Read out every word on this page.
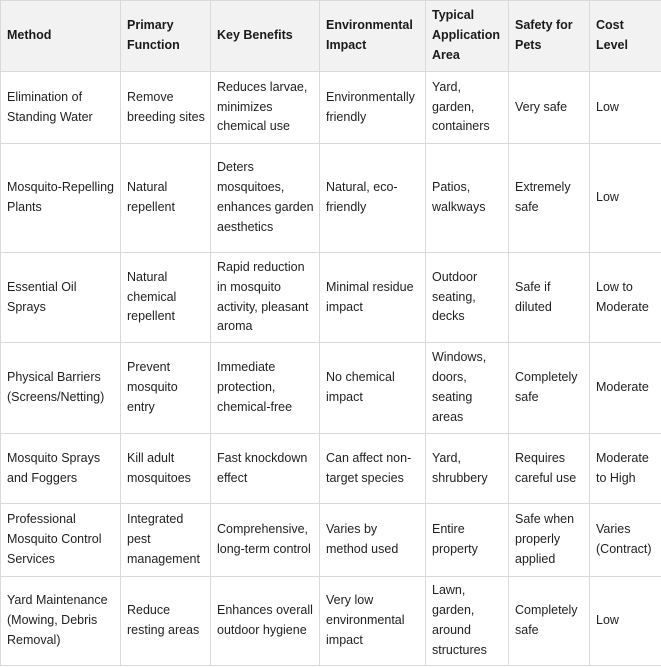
Method	Primary Function	Key Benefits	Environmental Impact	Typical Application Area	Safety for Pets	Cost Level
Elimination of Standing Water	Remove breeding sites	Reduces larvae, minimizes chemical use	Environmentally friendly	Yard, garden, containers	Very safe	Low
Mosquito-Repelling Plants	Natural repellent	Deters mosquitoes, enhances garden aesthetics	Natural, eco-friendly	Patios, walkways	Extremely safe	Low
Essential Oil Sprays	Natural chemical repellent	Rapid reduction in mosquito activity, pleasant aroma	Minimal residue impact	Outdoor seating, decks	Safe if diluted	Low to Moderate
Physical Barriers (Screens/Netting)	Prevent mosquito entry	Immediate protection, chemical-free	No chemical impact	Windows, doors, seating areas	Completely safe	Moderate
Mosquito Sprays and Foggers	Kill adult mosquitoes	Fast knockdown effect	Can affect non-target species	Yard, shrubbery	Requires careful use	Moderate to High
Professional Mosquito Control Services	Integrated pest management	Comprehensive, long-term control	Varies by method used	Entire property	Safe when properly applied	Varies (Contract)
Yard Maintenance (Mowing, Debris Removal)	Reduce resting areas	Enhances overall outdoor hygiene	Very low environmental impact	Lawn, garden, around structures	Completely safe	Low
